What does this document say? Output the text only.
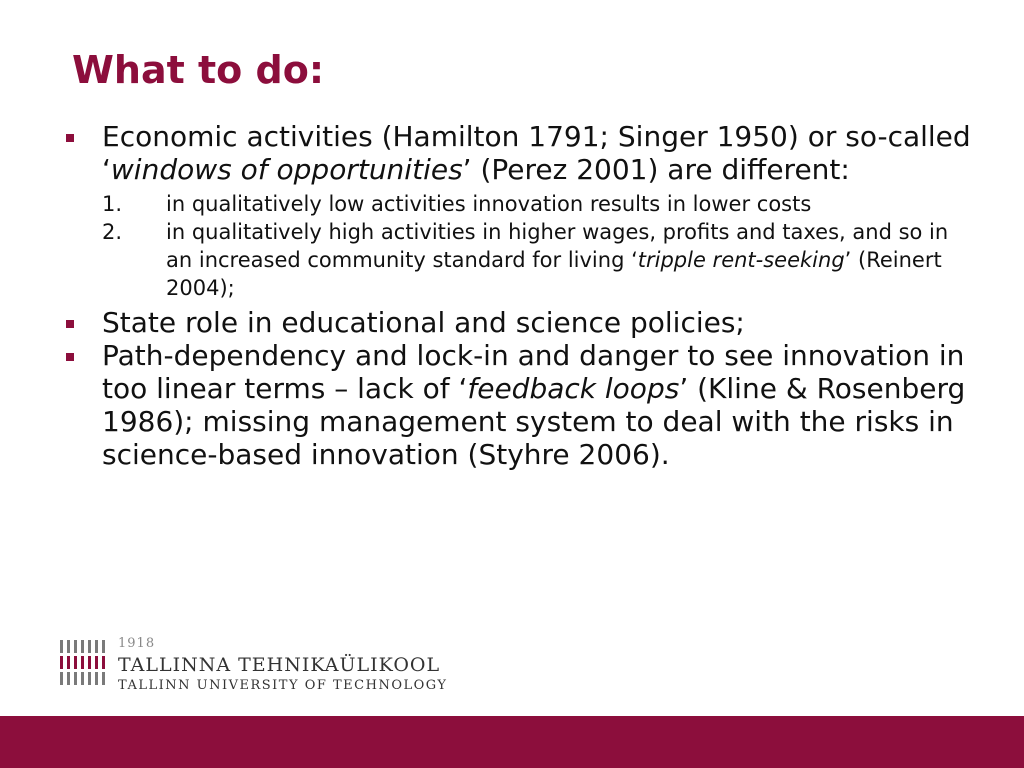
What to do:
Economic activities (Hamilton 1791; Singer 1950) or so-called ‘windows of opportunities’ (Perez 2001) are different:
1. in qualitatively low activities innovation results in lower costs
2. in qualitatively high activities in higher wages, profits and taxes, and so in an increased community standard for living ‘tripple rent-seeking’ (Reinert 2004);
State role in educational and science policies;
Path-dependency and lock-in and danger to see innovation in too linear terms – lack of ‘feedback loops’ (Kline & Rosenberg 1986); missing management system to deal with the risks in science-based innovation (Styhre 2006).
1918
TALLINNA TEHNIKAÜLIKOOL
TALLINN UNIVERSITY OF TECHNOLOGY
